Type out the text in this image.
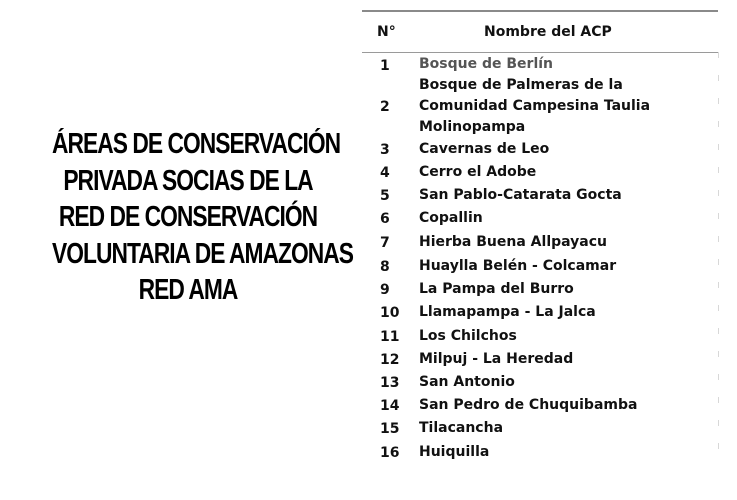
ÁREAS DE CONSERVACIÓN
PRIVADA SOCIAS DE LA
RED DE CONSERVACIÓN
VOLUNTARIA DE AMAZONAS
RED AMA
N°	Nombre del ACP
1 Bosque de Berlín
2
Bosque de Palmeras de la
Comunidad Campesina Taulia
Molinopampa
3 Cavernas de Leo
4 Cerro el Adobe
5 San Pablo-Catarata Gocta
6 Copallin
7 Hierba Buena Allpayacu
8 Huaylla Belén - Colcamar
9 La Pampa del Burro
10 Llamapampa - La Jalca
11 Los Chilchos
12 Milpuj - La Heredad
13 San Antonio
14 San Pedro de Chuquibamba
15 Tilacancha
16 Huiquilla
